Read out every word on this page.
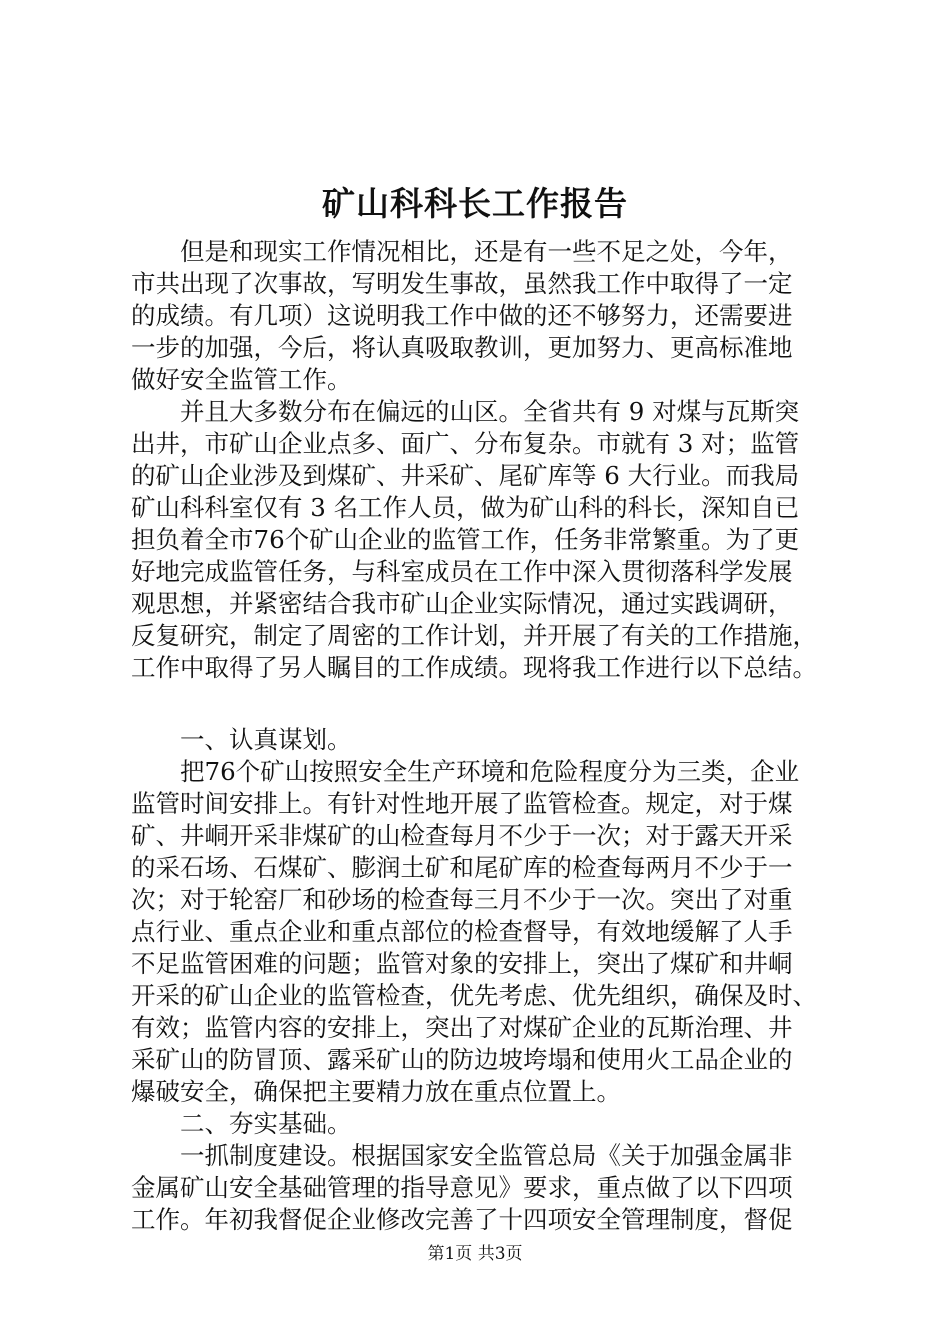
矿山科科长工作报告
　　但是和现实工作情况相比，还是有一些不足之处，今年，
市共出现了次事故，写明发生事故，虽然我工作中取得了一定
的成绩。有几项）这说明我工作中做的还不够努力，还需要进
一步的加强，今后，将认真吸取教训，更加努力、更高标准地
做好安全监管工作。
　　并且大多数分布在偏远的山区。全省共有 9 对煤与瓦斯突
出井，市矿山企业点多、面广、分布复杂。市就有 3 对；监管
的矿山企业涉及到煤矿、井采矿、尾矿库等 6 大行业。而我局
矿山科科室仅有 3 名工作人员，做为矿山科的科长，深知自已
担负着全市76个矿山企业的监管工作，任务非常繁重。为了更
好地完成监管任务，与科室成员在工作中深入贯彻落科学发展
观思想，并紧密结合我市矿山企业实际情况，通过实践调研，
反复研究，制定了周密的工作计划，并开展了有关的工作措施，
工作中取得了另人瞩目的工作成绩。现将我工作进行以下总结。
　　一、认真谋划。
　　把76个矿山按照安全生产环境和危险程度分为三类，企业
监管时间安排上。有针对性地开展了监管检查。规定，对于煤
矿、井峒开采非煤矿的山检查每月不少于一次；对于露天开采
的采石场、石煤矿、膨润土矿和尾矿库的检查每两月不少于一
次；对于轮窑厂和砂场的检查每三月不少于一次。突出了对重
点行业、重点企业和重点部位的检查督导，有效地缓解了人手
不足监管困难的问题；监管对象的安排上，突出了煤矿和井峒
开采的矿山企业的监管检查，优先考虑、优先组织，确保及时、
有效；监管内容的安排上，突出了对煤矿企业的瓦斯治理、井
采矿山的防冒顶、露采矿山的防边坡垮塌和使用火工品企业的
爆破安全，确保把主要精力放在重点位置上。
　　二、夯实基础。
　　一抓制度建设。根据国家安全监管总局《关于加强金属非
金属矿山安全基础管理的指导意见》要求，重点做了以下四项
工作。年初我督促企业修改完善了十四项安全管理制度，督促
第1页 共3页
